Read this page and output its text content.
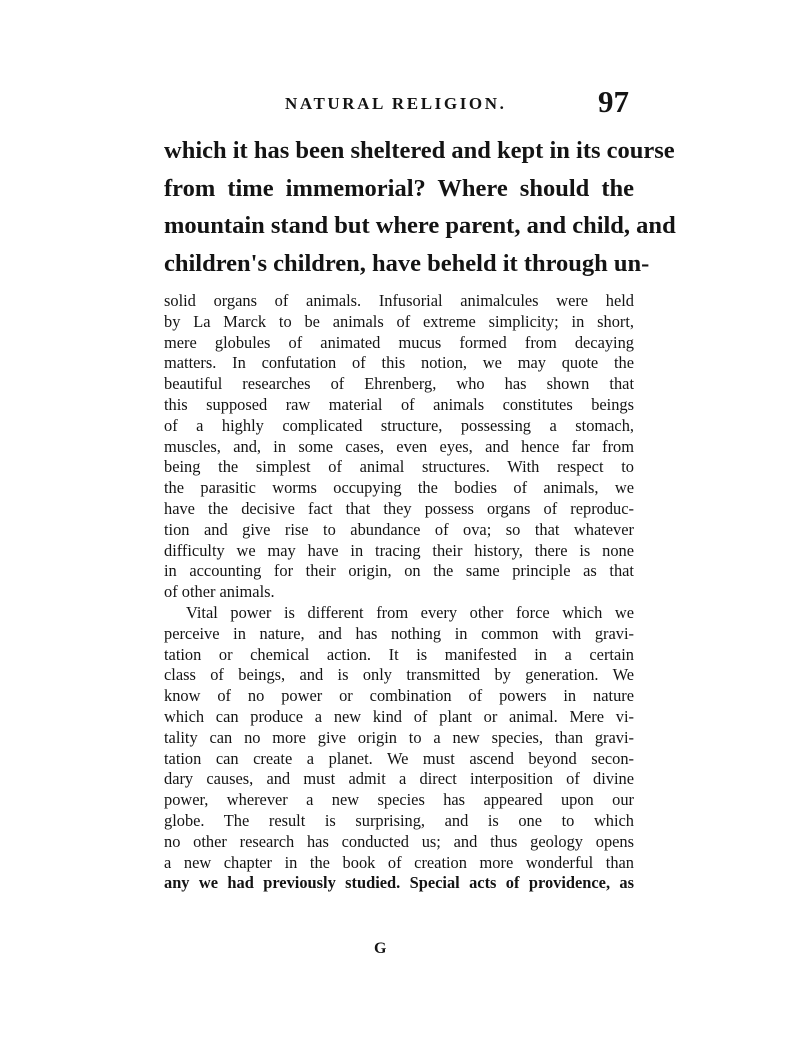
NATURAL RELIGION.	97
which it has been sheltered and kept in its course
from time immemorial? Where should the
mountain stand but where parent, and child, and
children's children, have beheld it through un-
solid organs of animals. Infusorial animalcules were held
by La Marck to be animals of extreme simplicity; in short,
mere globules of animated mucus formed from decaying
matters. In confutation of this notion, we may quote the
beautiful researches of Ehrenberg, who has shown that
this supposed raw material of animals constitutes beings
of a highly complicated structure, possessing a stomach,
muscles, and, in some cases, even eyes, and hence far from
being the simplest of animal structures. With respect to
the parasitic worms occupying the bodies of animals, we
have the decisive fact that they possess organs of reproduc-
tion and give rise to abundance of ova; so that whatever
difficulty we may have in tracing their history, there is none
in accounting for their origin, on the same principle as that
of other animals.
Vital power is different from every other force which we
perceive in nature, and has nothing in common with gravi-
tation or chemical action. It is manifested in a certain
class of beings, and is only transmitted by generation. We
know of no power or combination of powers in nature
which can produce a new kind of plant or animal. Mere vi-
tality can no more give origin to a new species, than gravi-
tation can create a planet. We must ascend beyond secon-
dary causes, and must admit a direct interposition of divine
power, wherever a new species has appeared upon our
globe. The result is surprising, and is one to which
no other research has conducted us; and thus geology opens
a new chapter in the book of creation more wonderful than
any we had previously studied. Special acts of providence, as
G
